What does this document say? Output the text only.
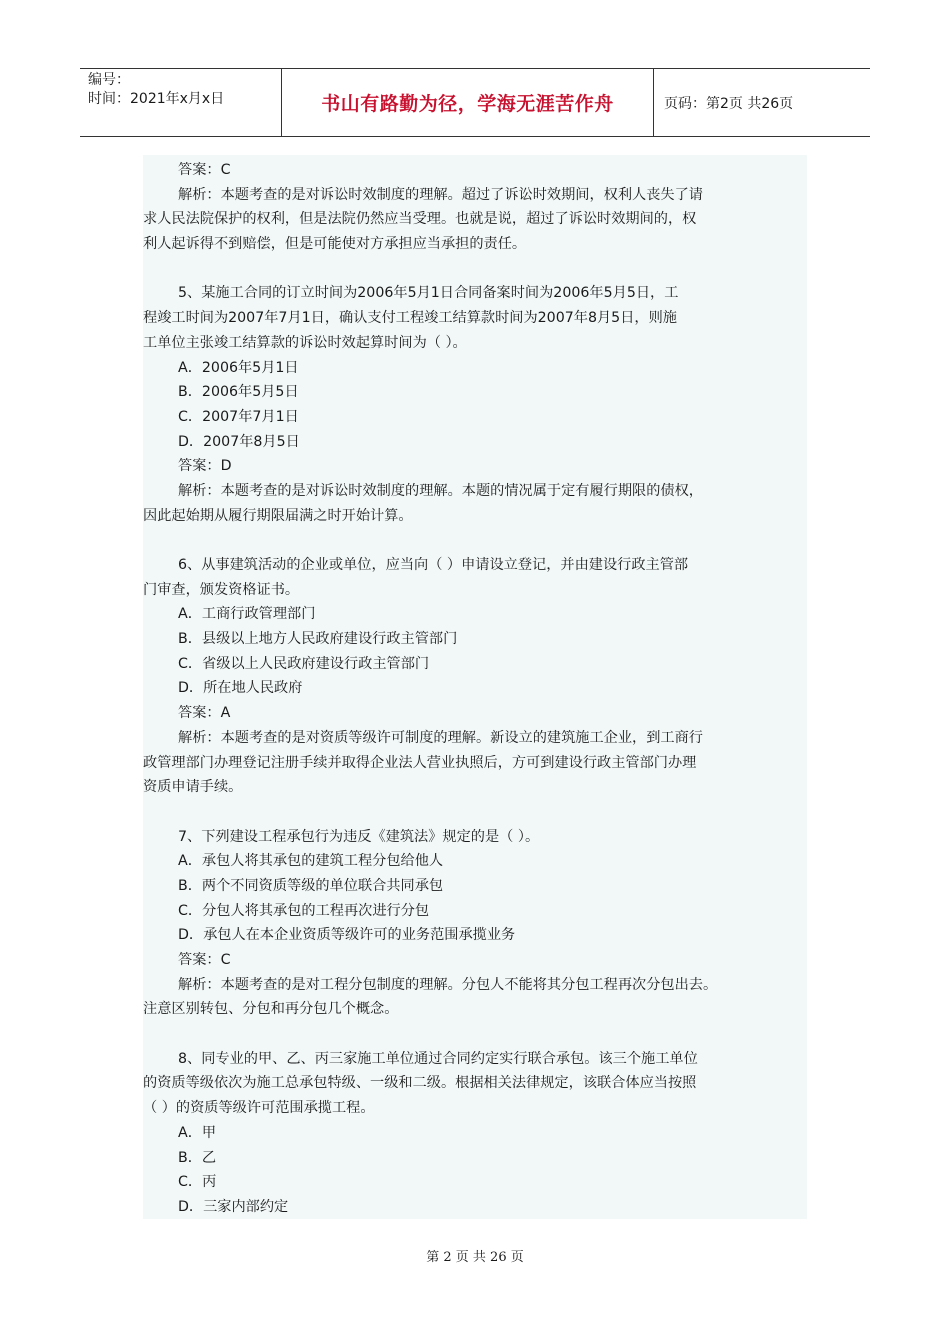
编号：
时间：2021年x月x日	书山有路勤为径，学海无涯苦作舟	页码：第2页 共26页
答案：C
解析：本题考查的是对诉讼时效制度的理解。超过了诉讼时效期间，权利人丧失了请
求人民法院保护的权利，但是法院仍然应当受理。也就是说，超过了诉讼时效期间的，权
利人起诉得不到赔偿，但是可能使对方承担应当承担的责任。
5、某施工合同的订立时间为2006年5月1日合同备案时间为2006年5月5日，工
程竣工时间为2007年7月1日，确认支付工程竣工结算款时间为2007年8月5日，则施
工单位主张竣工结算款的诉讼时效起算时间为（ ）。
A．2006年5月1日
B．2006年5月5日
C．2007年7月1日
D．2007年8月5日
答案：D
解析：本题考查的是对诉讼时效制度的理解。本题的情况属于定有履行期限的债权，
因此起始期从履行期限届满之时开始计算。
6、从事建筑活动的企业或单位，应当向（ ）申请设立登记，并由建设行政主管部
门审查，颁发资格证书。
A．工商行政管理部门
B．县级以上地方人民政府建设行政主管部门
C．省级以上人民政府建设行政主管部门
D．所在地人民政府
答案：A
解析：本题考查的是对资质等级许可制度的理解。新设立的建筑施工企业，到工商行
政管理部门办理登记注册手续并取得企业法人营业执照后，方可到建设行政主管部门办理
资质申请手续。
7、下列建设工程承包行为违反《建筑法》规定的是（ ）。
A．承包人将其承包的建筑工程分包给他人
B．两个不同资质等级的单位联合共同承包
C．分包人将其承包的工程再次进行分包
D．承包人在本企业资质等级许可的业务范围承揽业务
答案：C
解析：本题考查的是对工程分包制度的理解。分包人不能将其分包工程再次分包出去。
注意区别转包、分包和再分包几个概念。
8、同专业的甲、乙、丙三家施工单位通过合同约定实行联合承包。该三个施工单位
的资质等级依次为施工总承包特级、一级和二级。根据相关法律规定，该联合体应当按照
（ ）的资质等级许可范围承揽工程。
A．甲
B．乙
C．丙
D．三家内部约定
第 2 页 共 26 页
